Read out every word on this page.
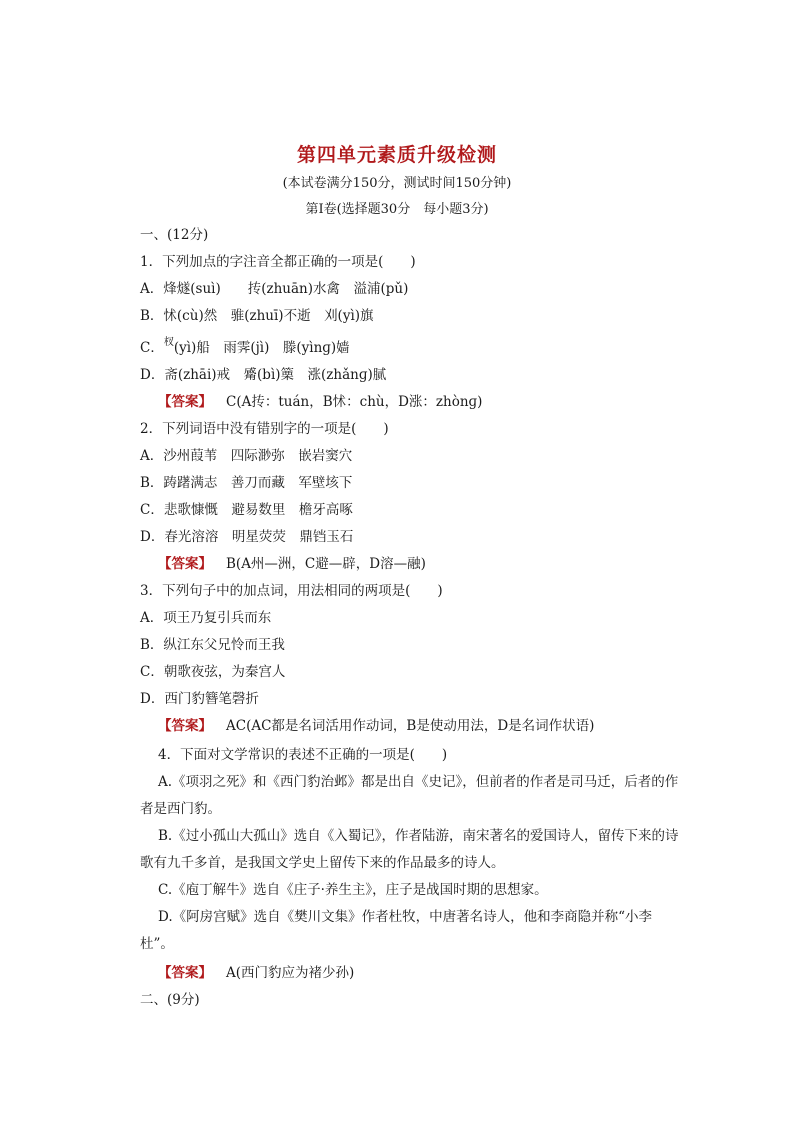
第四单元素质升级检测
(本试卷满分150分，测试时间150分钟)
第Ⅰ卷(选择题30分　每小题3分)
一、(12分)
1．下列加点的字注音全都正确的一项是(　　)
A．烽燧(suì)　　抟(zhuān)水禽　溢浦(pǔ)
B．怵(cù)然　骓(zhuī)不逝　刈(yì)旗
C．$^杈$(yì)船　雨霁(jì)　滕(yìnɡ)嫱
D．斋(zhāi)戒　觱(bì)篥　涨(zhǎnɡ)腻
【答案】 C(A抟：tuán，B怵：chù，D涨：zhònɡ)
2．下列词语中没有错别字的一项是(　　)
A．沙州葭苇　四际渺弥　嵌岩窦穴
B．踌躇满志　善刀而藏　军壁垓下
C．悲歌慷慨　避易数里　檐牙高啄
D．春光溶溶　明星荧荧　鼎铛玉石
【答案】 B(A州—洲，C避—辟，D溶—融)
3．下列句子中的加点词，用法相同的两项是(　　)
A．项王乃复引兵而东
B．纵江东父兄怜而王我
C．朝歌夜弦，为秦宫人
D．西门豹簪笔磬折
【答案】 AC(AC都是名词活用作动词，B是使动用法，D是名词作状语)
4．下面对文学常识的表述不正确的一项是(　　)
A.《项羽之死》和《西门豹治邺》都是出自《史记》，但前者的作者是司马迁，后者的作
者是西门豹。
B.《过小孤山大孤山》选自《入蜀记》，作者陆游，南宋著名的爱国诗人，留传下来的诗
歌有九千多首，是我国文学史上留传下来的作品最多的诗人。
C.《庖丁解牛》选自《庄子·养生主》，庄子是战国时期的思想家。
D.《阿房宫赋》选自《樊川文集》作者杜牧，中唐著名诗人，他和李商隐并称“小李
杜”。
【答案】 A(西门豹应为褚少孙)
二、(9分)
